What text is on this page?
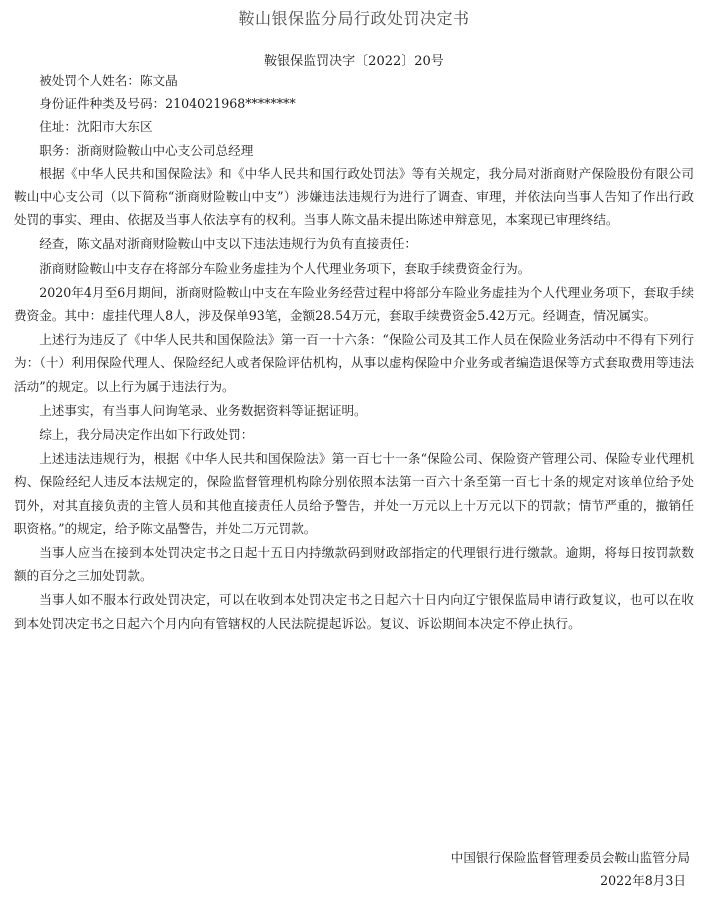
鞍山银保监分局行政处罚决定书
鞍银保监罚决字〔2022〕20号

被处罚个人姓名：陈文晶

身份证件种类及号码：2104021968********

住址：沈阳市大东区

职务：浙商财险鞍山中心支公司总经理

根据《中华人民共和国保险法》和《中华人民共和国行政处罚法》等有关规定，我分局对浙商财产保险股份有限公司鞍山中心支公司（以下简称“浙商财险鞍山中支”）涉嫌违法违规行为进行了调查、审理，并依法向当事人告知了作出行政处罚的事实、理由、依据及当事人依法享有的权利。当事人陈文晶未提出陈述申辩意见，本案现已审理终结。

经查，陈文晶对浙商财险鞍山中支以下违法违规行为负有直接责任：

浙商财险鞍山中支存在将部分车险业务虚挂为个人代理业务项下，套取手续费资金行为。

2020年4月至6月期间，浙商财险鞍山中支在车险业务经营过程中将部分车险业务虚挂为个人代理业务项下，套取手续费资金。其中：虚挂代理人8人，涉及保单93笔，金额28.54万元，套取手续费资金5.42万元。经调查，情况属实。

上述行为违反了《中华人民共和国保险法》第一百一十六条：“保险公司及其工作人员在保险业务活动中不得有下列行为：（十）利用保险代理人、保险经纪人或者保险评估机构，从事以虚构保险中介业务或者编造退保等方式套取费用等违法活动”的规定。以上行为属于违法行为。

上述事实，有当事人问询笔录、业务数据资料等证据证明。

综上，我分局决定作出如下行政处罚：

上述违法违规行为，根据《中华人民共和国保险法》第一百七十一条“保险公司、保险资产管理公司、保险专业代理机构、保险经纪人违反本法规定的，保险监督管理机构除分别依照本法第一百六十条至第一百七十条的规定对该单位给予处罚外，对其直接负责的主管人员和其他直接责任人员给予警告，并处一万元以上十万元以下的罚款；情节严重的，撤销任职资格。”的规定，给予陈文晶警告，并处二万元罚款。

当事人应当在接到本处罚决定书之日起十五日内持缴款码到财政部指定的代理银行进行缴款。逾期，将每日按罚款数额的百分之三加处罚款。

当事人如不服本行政处罚决定，可以在收到本处罚决定书之日起六十日内向辽宁银保监局申请行政复议，也可以在收到本处罚决定书之日起六个月内向有管辖权的人民法院提起诉讼。复议、诉讼期间本决定不停止执行。

中国银行保险监督管理委员会鞍山监管分局
2022年8月3日
